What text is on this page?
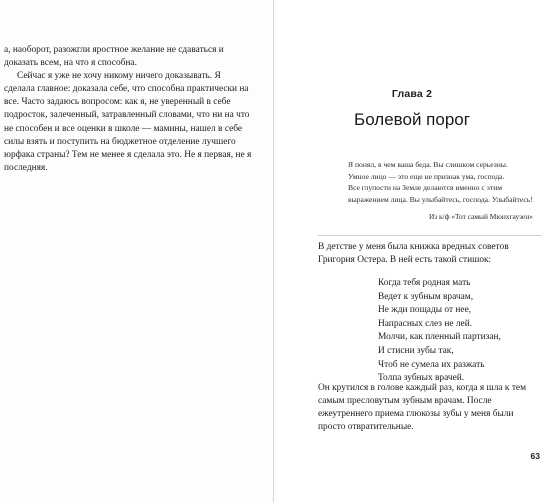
а, наоборот, разожгли яростное желание не сдаваться и доказать всем, на что я способна.

Сейчас я уже не хочу никому ничего доказывать. Я сделала главное: доказала себе, что способна практически на все. Часто задаюсь вопросом: как я, не уверенный в себе подросток, залеченный, затравленный словами, что ни на что не способен и все оценки в школе — мамины, нашел в себе силы взять и поступить на бюджетное отделение лучшего юрфака страны? Тем не менее я сделала это. Не я первая, не я последняя.

Глава 2
Болевой порог

Я понял, в чем ваша беда. Вы слишком серьезны.

Умное лицо — это еще не признак ума, господа.

Все глупости на Земле делаются именно с этим выражением лица. Вы улыбайтесь, господа. Улыбайтесь!

Из к/ф «Тот самый Мюнхгаузен»

В детстве у меня была книжка вредных советов Григория Остера. В ней есть такой стишок:

Когда тебя родная мать
Ведет к зубным врачам,
Не жди пощады от нее,
Напрасных слез не лей.
Молчи, как пленный партизан,
И стисни зубы так,
Чтоб не сумела их разжать
Толпа зубных врачей.

Он крутился в голове каждый раз, когда я шла к тем самым пресловутым зубным врачам. После ежеутреннего приема глюкозы зубы у меня были просто отвратительные.

63
